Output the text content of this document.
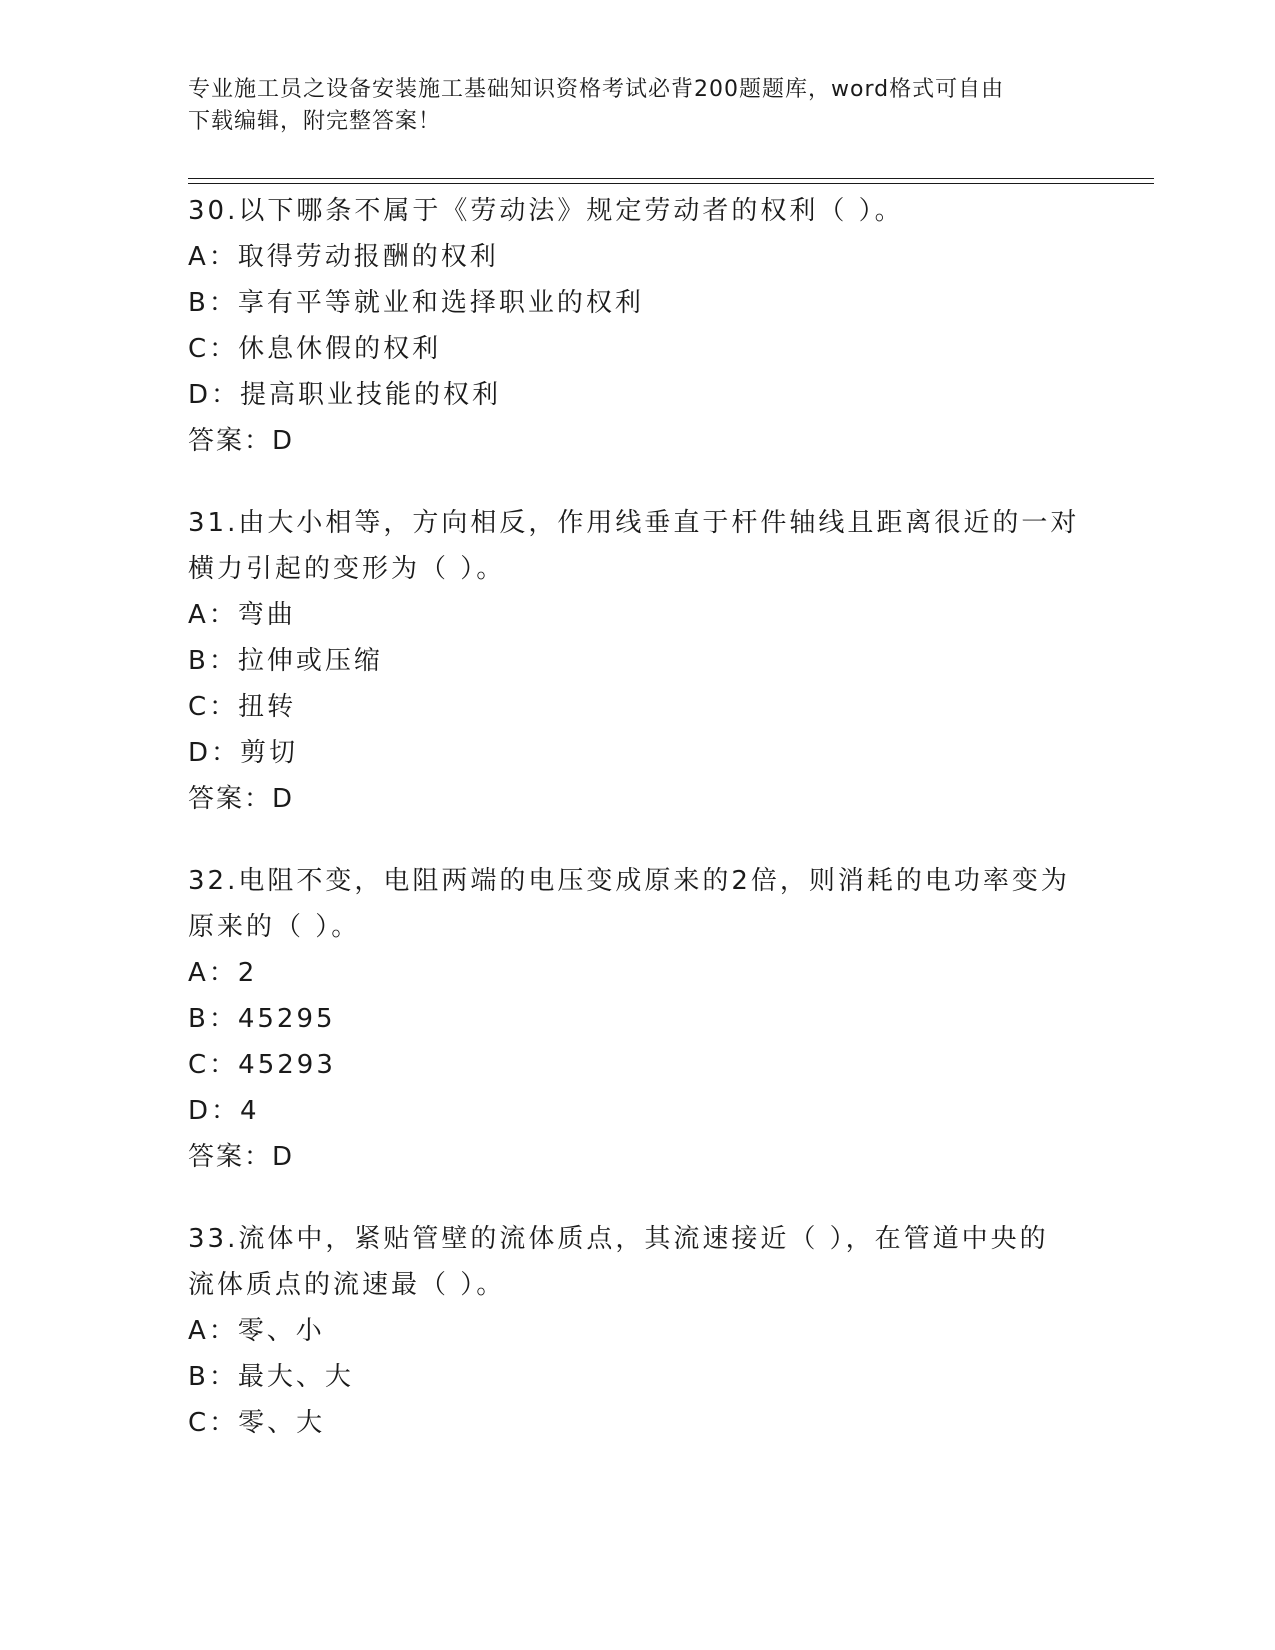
专业施工员之设备安装施工基础知识资格考试必背200题题库，word格式可自由
下载编辑，附完整答案！

30.以下哪条不属于《劳动法》规定劳动者的权利（ ）。

A：取得劳动报酬的权利

B：享有平等就业和选择职业的权利

C：休息休假的权利

D：提高职业技能的权利

答案：D

31.由大小相等，方向相反，作用线垂直于杆件轴线且距离很近的一对

横力引起的变形为（ ）。

A：弯曲

B：拉伸或压缩

C：扭转

D：剪切

答案：D

32.电阻不变，电阻两端的电压变成原来的2倍，则消耗的电功率变为

原来的（ ）。

A：2

B：45295

C：45293

D：4

答案：D

33.流体中，紧贴管壁的流体质点，其流速接近（ ），在管道中央的

流体质点的流速最（ ）。

A：零、小

B：最大、大

C：零、大
